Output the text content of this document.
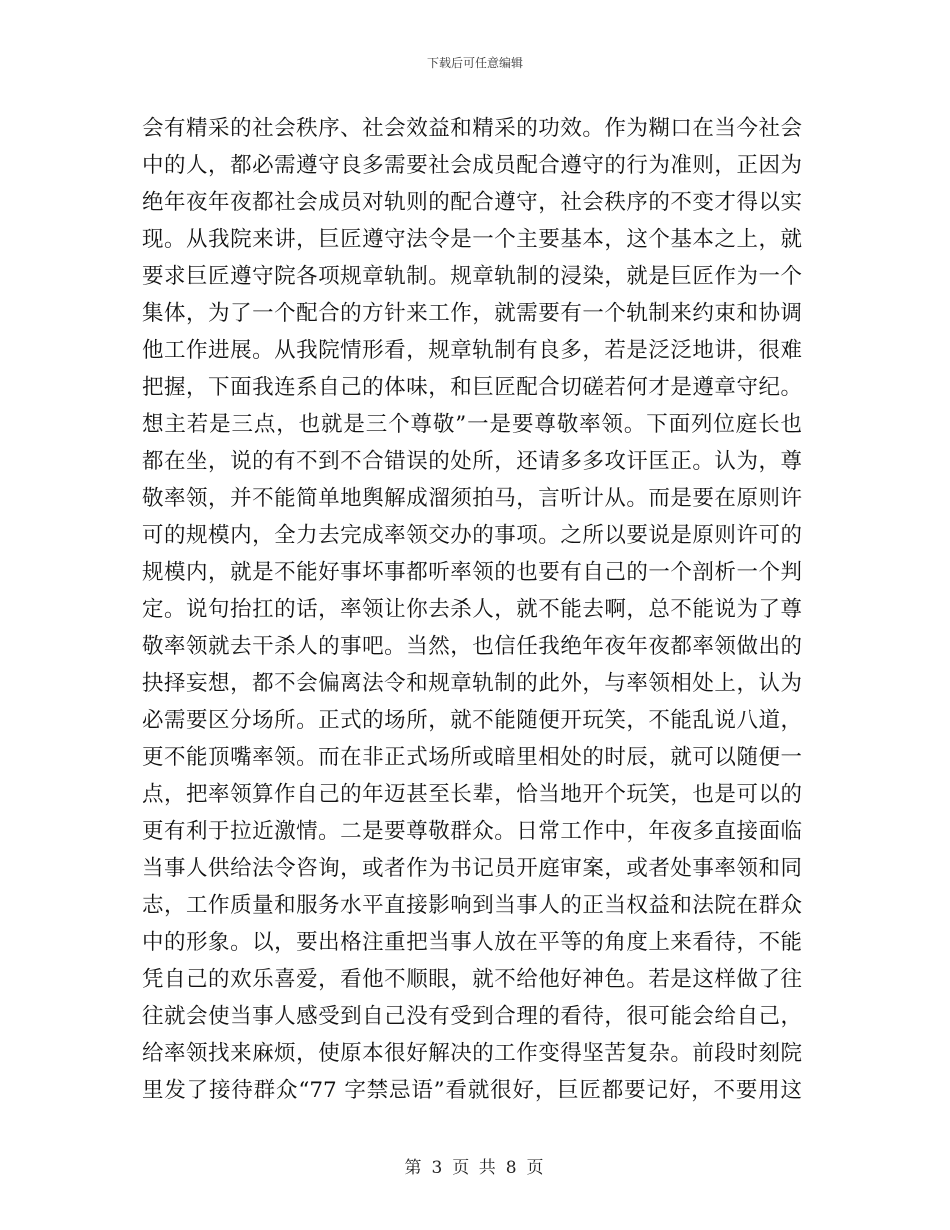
下载后可任意编辑
会有精采的社会秩序、社会效益和精采的功效。作为糊口在当今社会
中的人，都必需遵守良多需要社会成员配合遵守的行为准则，正因为
绝年夜年夜都社会成员对轨则的配合遵守，社会秩序的不变才得以实
现。从我院来讲，巨匠遵守法令是一个主要基本，这个基本之上，就
要求巨匠遵守院各项规章轨制。规章轨制的浸染，就是巨匠作为一个
集体，为了一个配合的方针来工作，就需要有一个轨制来约束和协调
他工作进展。从我院情形看，规章轨制有良多，若是泛泛地讲，很难
把握，下面我连系自己的体味，和巨匠配合切磋若何才是遵章守纪。
想主若是三点，也就是三个尊敬”一是要尊敬率领。下面列位庭长也
都在坐，说的有不到不合错误的处所，还请多多攻讦匡正。认为，尊
敬率领，并不能简单地舆解成溜须拍马，言听计从。而是要在原则许
可的规模内，全力去完成率领交办的事项。之所以要说是原则许可的
规模内，就是不能好事坏事都听率领的也要有自己的一个剖析一个判
定。说句抬扛的话，率领让你去杀人，就不能去啊，总不能说为了尊
敬率领就去干杀人的事吧。当然，也信任我绝年夜年夜都率领做出的
抉择妄想，都不会偏离法令和规章轨制的此外，与率领相处上，认为
必需要区分场所。正式的场所，就不能随便开玩笑，不能乱说八道，
更不能顶嘴率领。而在非正式场所或暗里相处的时辰，就可以随便一
点，把率领算作自己的年迈甚至长辈，恰当地开个玩笑，也是可以的
更有利于拉近激情。二是要尊敬群众。日常工作中，年夜多直接面临
当事人供给法令咨询，或者作为书记员开庭审案，或者处事率领和同
志，工作质量和服务水平直接影响到当事人的正当权益和法院在群众
中的形象。以，要出格注重把当事人放在平等的角度上来看待，不能
凭自己的欢乐喜爱，看他不顺眼，就不给他好神色。若是这样做了往
往就会使当事人感受到自己没有受到合理的看待，很可能会给自己，
给率领找来麻烦，使原本很好解决的工作变得坚苦复杂。前段时刻院
里发了接待群众“77 字禁忌语”看就很好，巨匠都要记好，不要用这
第 3 页 共 8 页
